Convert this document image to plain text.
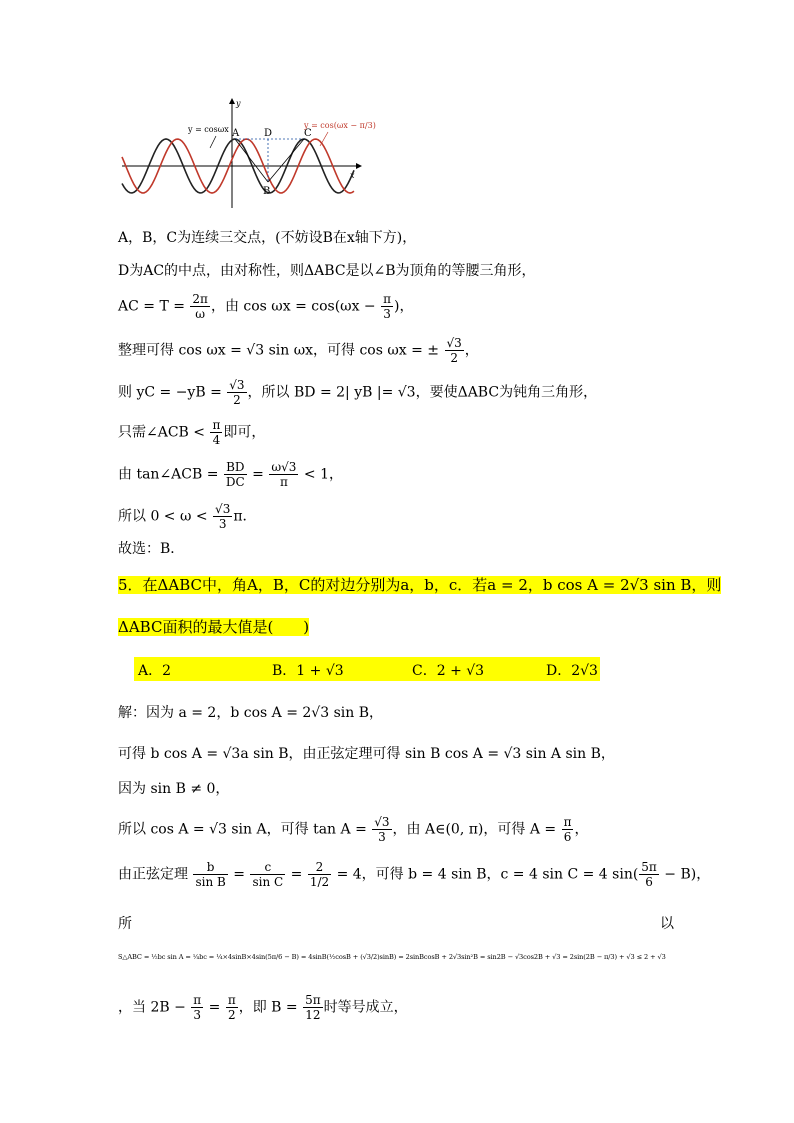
y
x
A
B
C
D
y = cosωx	y = cos(ωx − π/3)
A，B，C为连续三交点，(不妨设B在x轴下方)，
D为AC的中点，由对称性，则ΔABC是以∠B为顶角的等腰三角形，
AC = $T = \frac{2\pi}{\omega}$ ，由 $\cos \omega x = \cos(\omega x - \frac{\pi}{3}$ )，
整理可得 cos ωx = √3 sin ωx，可得 cos ωx = ± $\frac{√3}{2}$ ，
则 yC = $-yB = \frac{√3}{2}$ ，所以 BD = 2| yB |= √3，要使ΔABC为钝角三角形，
只需∠ACB < $\frac{\pi}{4}$ 即可，
由 tan∠ACB = $\frac{BD}{DC} = \frac{\omega√3}{\pi} < 1$，
所以 $0 < \omega < \frac{√3}{3}$ π．
故选：B．
5．在ΔABC中，角A，B，C的对边分别为a，b，c．若a = 2，b cos A = 2√3 sin B，则
ΔABC面积的最大值是(　　)
A．2	B．1 + √3	C．2 + √3	D．2√3
解：因为 a = 2，b cos A = 2√3 sin B，
可得 b cos A = √3a sin B，由正弦定理可得 sin B cos A = √3 sin A sin B，
因为 sin B ≠ 0，
所以 cos A = √3 sin A，可得 $\tan A = \frac{√3}{3}$ ，由 A∈(0, π)，可得 $A = \frac{\pi}{6}$ ，
由正弦定理 $\frac{b}{\text{sin B}} = \frac{c}{\text{sin C}} = \frac{2}{1/2} = 4$，可得 b = 4 sin B，c = 4 sin C = 4 $\sin( \frac{5\pi}{6} - B)$，
所	以
S△ABC = ½bc sin A = ¼bc = ¼×4sinB×4sin(5π/6 − B) = 4sinB(½cosB + (√3/2)sinB) = 2sinBcosB + 2√3sin²B = sin2B − √3cos2B + √3 = 2sin(2B − π/3) + √3 ≤ 2 + √3
，当 $2B - \frac{\pi}{3} = \frac{\pi}{2}$ ，即 $B = \frac{5\pi}{12}$ 时等号成立，
